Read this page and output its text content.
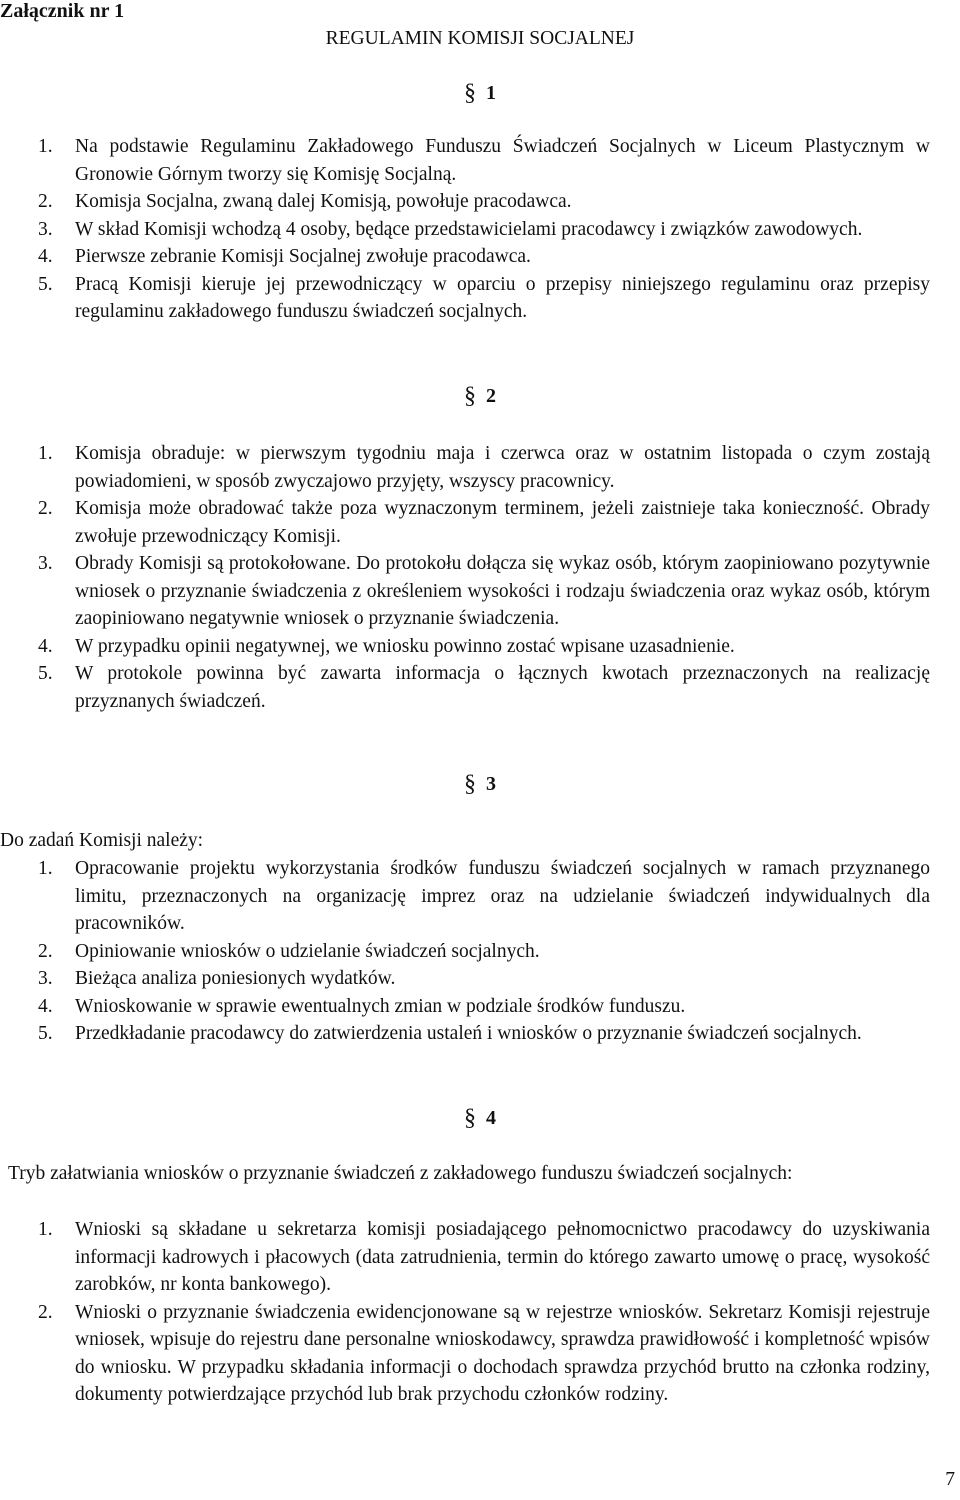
Załącznik nr 1
REGULAMIN KOMISJI SOCJALNEJ
§ 1
1. Na podstawie Regulaminu Zakładowego Funduszu Świadczeń Socjalnych w Liceum Plastycznym w Gronowie Górnym tworzy się Komisję Socjalną.
2. Komisja Socjalna, zwaną dalej Komisją, powołuje pracodawca.
3. W skład Komisji wchodzą 4 osoby, będące przedstawicielami pracodawcy i związków zawodowych.
4. Pierwsze zebranie Komisji Socjalnej zwołuje pracodawca.
5. Pracą Komisji kieruje jej przewodniczący w oparciu o przepisy niniejszego regulaminu oraz przepisy regulaminu zakładowego funduszu świadczeń socjalnych.
§ 2
1. Komisja obraduje: w pierwszym tygodniu maja i czerwca oraz w ostatnim listopada o czym zostają powiadomieni, w sposób zwyczajowo przyjęty, wszyscy pracownicy.
2. Komisja może obradować także poza wyznaczonym terminem, jeżeli zaistnieje taka konieczność. Obrady zwołuje przewodniczący Komisji.
3. Obrady Komisji są protokołowane. Do protokołu dołącza się wykaz osób, którym zaopiniowano pozytywnie wniosek o przyznanie świadczenia z określeniem wysokości i rodzaju świadczenia oraz wykaz osób, którym zaopiniowano negatywnie wniosek o przyznanie świadczenia.
4. W przypadku opinii negatywnej, we wniosku powinno zostać wpisane uzasadnienie.
5. W protokole powinna być zawarta informacja o łącznych kwotach przeznaczonych na realizację przyznanych świadczeń.
§ 3
Do zadań Komisji należy:
1. Opracowanie projektu wykorzystania środków funduszu świadczeń socjalnych w ramach przyznanego limitu, przeznaczonych na organizację imprez oraz na udzielanie świadczeń indywidualnych dla pracowników.
2. Opiniowanie wniosków o udzielanie świadczeń socjalnych.
3. Bieżąca analiza poniesionych wydatków.
4. Wnioskowanie w sprawie ewentualnych zmian w podziale środków funduszu.
5. Przedkładanie pracodawcy do zatwierdzenia ustaleń i wniosków o przyznanie świadczeń socjalnych.
§ 4
Tryb załatwiania wniosków o przyznanie świadczeń z zakładowego funduszu świadczeń socjalnych:
1. Wnioski są składane u sekretarza komisji posiadającego pełnomocnictwo pracodawcy do uzyskiwania informacji kadrowych i płacowych (data zatrudnienia, termin do którego zawarto umowę o pracę, wysokość zarobków, nr konta bankowego).
2. Wnioski o przyznanie świadczenia ewidencjonowane są w rejestrze wniosków. Sekretarz Komisji rejestruje wniosek, wpisuje do rejestru dane personalne wnioskodawcy, sprawdza prawidłowość i kompletność wpisów do wniosku. W przypadku składania informacji o dochodach sprawdza przychód brutto na członka rodziny, dokumenty potwierdzające przychód lub brak przychodu członków rodziny.
7
